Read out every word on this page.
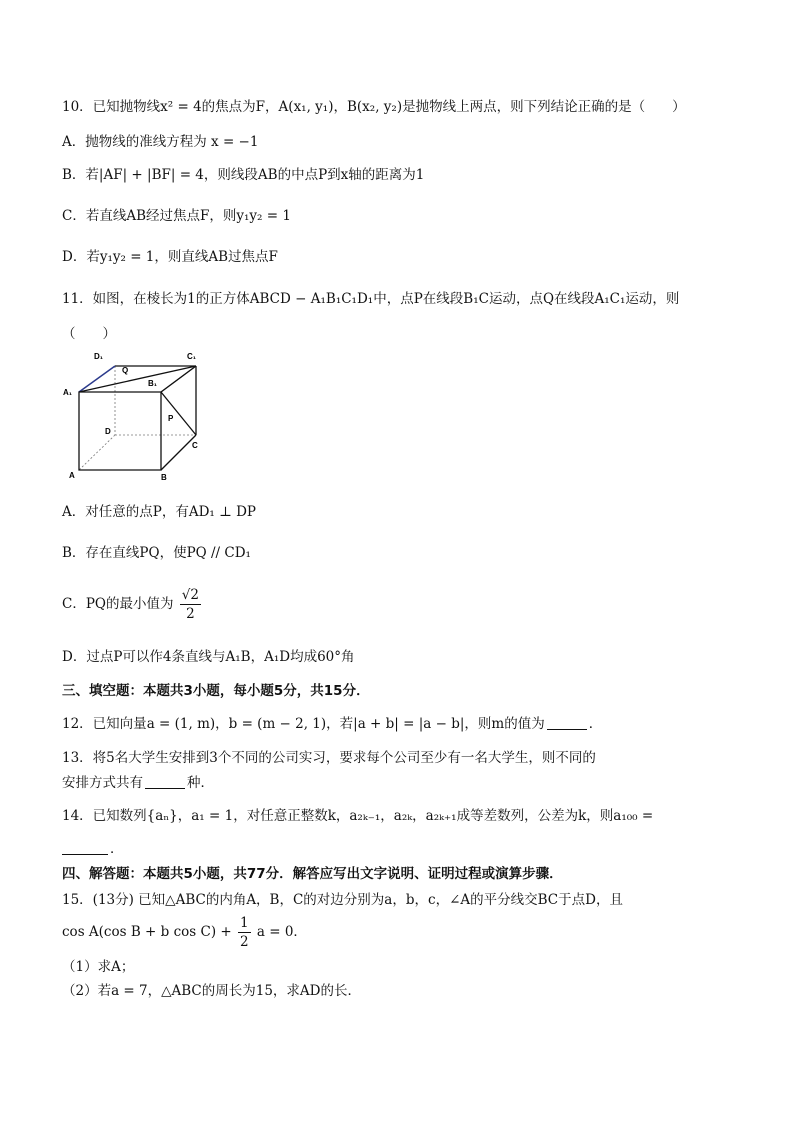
10．已知抛物线x² = 4的焦点为F，A(x₁, y₁)，B(x₂, y₂)是抛物线上两点，则下列结论正确的是（　　）
A．抛物线的准线方程为 x = −1
B．若|AF| + |BF| = 4，则线段AB的中点P到x轴的距离为1
C．若直线AB经过焦点F，则y₁y₂ = 1
D．若y₁y₂ = 1，则直线AB过焦点F
11．如图，在棱长为1的正方体ABCD − A₁B₁C₁D₁中，点P在线段B₁C运动，点Q在线段A₁C₁运动，则
（　　）
D₁	C₁
A₁
B₁
Q
P
D
C
A	B
A．对任意的点P，有AD₁ ⊥ DP
B．存在直线PQ，使PQ // CD₁
C．PQ的最小值为 $\frac{√2}{2}$
D．过点P可以作4条直线与A₁B，A₁D均成60°角
三、填空题：本题共3小题，每小题5分，共15分．
12．已知向量a = (1, m)，b = (m − 2, 1)，若|a + b| = |a − b|，则m的值为	．
13．将5名大学生安排到3个不同的公司实习，要求每个公司至少有一名大学生，则不同的
安排方式共有	种．
14．已知数列{aₙ}，a₁ = 1，对任意正整数k，a₂ₖ₋₁，a₂ₖ，a₂ₖ₊₁成等差数列，公差为k，则a₁₀₀ =
．
四、解答题：本题共5小题，共77分．解答应写出文字说明、证明过程或演算步骤．
15．(13分) 已知△ABC的内角A，B，C的对边分别为a，b，c，∠A的平分线交BC于点D，且
cos A(cos B + b $\cos C) + \frac{1}{2}$ a = 0．
（1）求A；
（2）若a = 7，△ABC的周长为15，求AD的长．
